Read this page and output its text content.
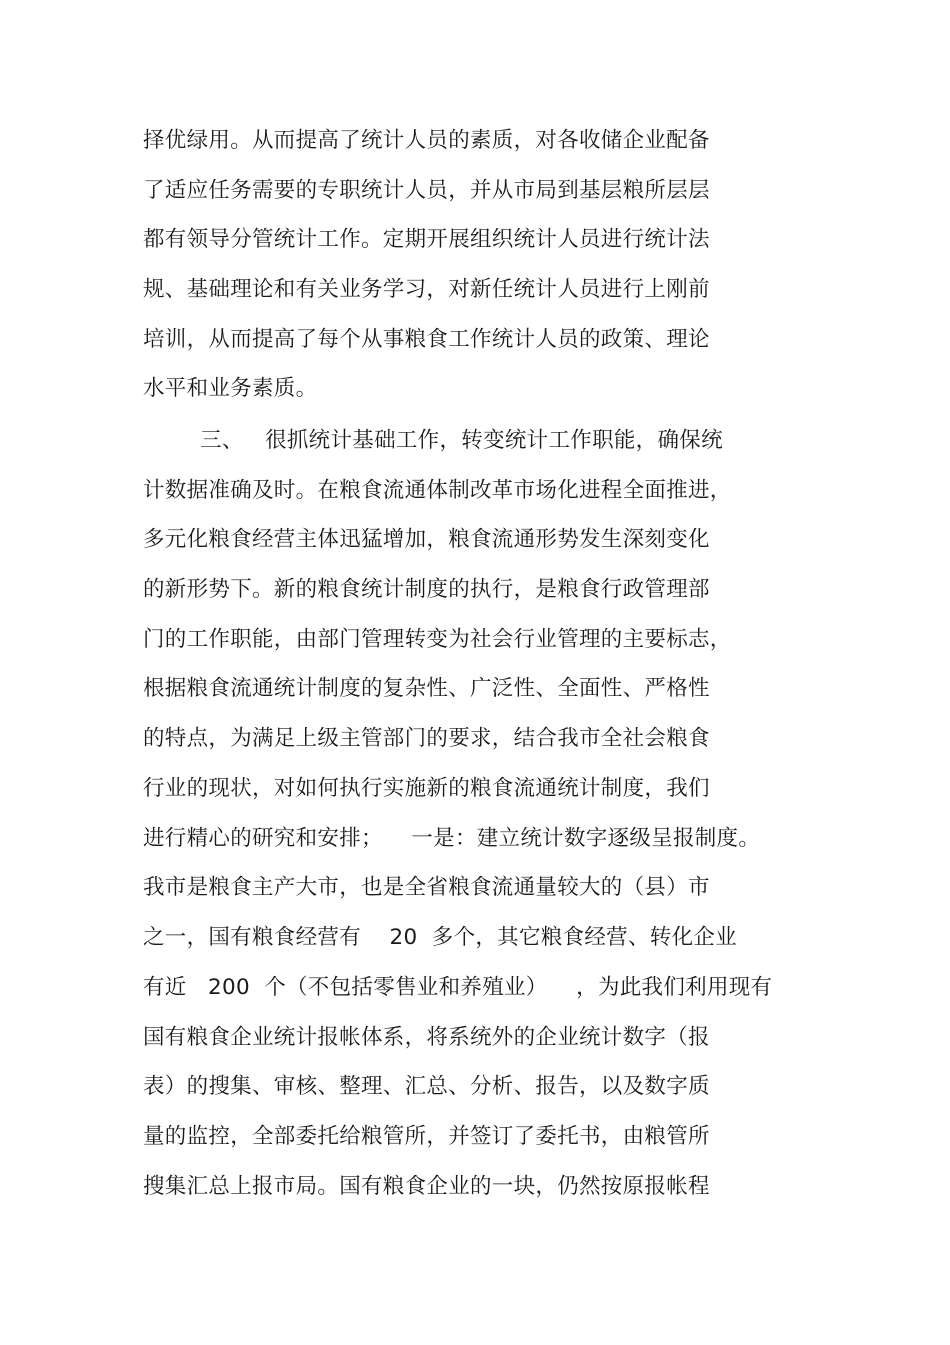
择优绿用。从而提高了统计人员的素质，对各收储企业配备
了适应任务需要的专职统计人员，并从市局到基层粮所层层
都有领导分管统计工作。定期开展组织统计人员进行统计法
规、基础理论和有关业务学习，对新任统计人员进行上刚前
培训，从而提高了每个从事粮食工作统计人员的政策、理论
水平和业务素质。
三、   很抓统计基础工作，转变统计工作职能，确保统
计数据准确及时。在粮食流通体制改革市场化进程全面推进，
多元化粮食经营主体迅猛增加，粮食流通形势发生深刻变化
的新形势下。新的粮食统计制度的执行，是粮食行政管理部
门的工作职能，由部门管理转变为社会行业管理的主要标志，
根据粮食流通统计制度的复杂性、广泛性、全面性、严格性
的特点，为满足上级主管部门的要求，结合我市全社会粮食
行业的现状，对如何执行实施新的粮食流通统计制度，我们
进行精心的研究和安排；    一是：建立统计数字逐级呈报制度。
我市是粮食主产大市，也是全省粮食流通量较大的（县）市
之一，国有粮食经营有    20  多个，其它粮食经营、转化企业
有近   200  个（不包括零售业和养殖业）    ，为此我们利用现有
国有粮食企业统计报帐体系，将系统外的企业统计数字（报
表）的搜集、审核、整理、汇总、分析、报告，以及数字质
量的监控，全部委托给粮管所，并签订了委托书，由粮管所
搜集汇总上报市局。国有粮食企业的一块，仍然按原报帐程
